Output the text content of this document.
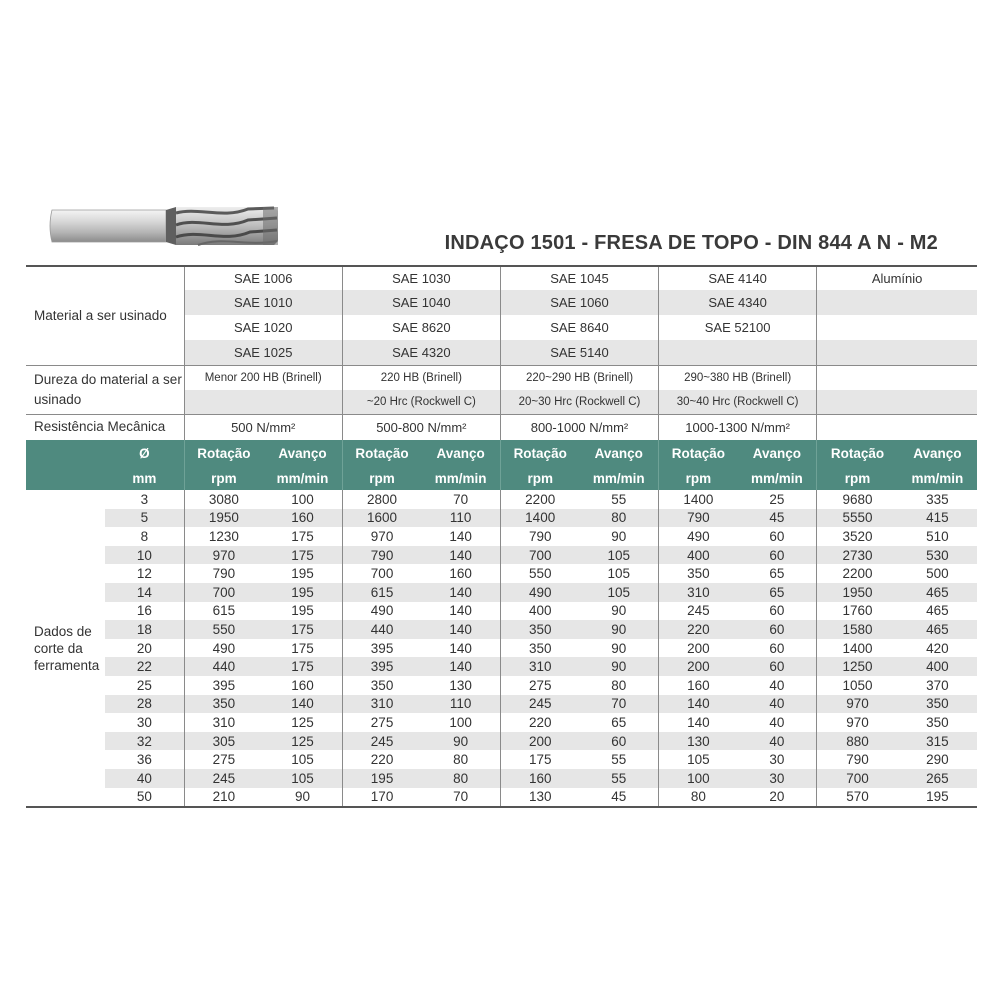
INDAÇO 1501 - FRESA DE TOPO - DIN 844 A N - M2
Material a ser usinado		SAE 1006		SAE 1030		SAE 1045		SAE 4140		Alumínio	
		SAE 1010		SAE 1040		SAE 1060		SAE 4340			
		SAE 1020		SAE 8620		SAE 8640		SAE 52100			
		SAE 1025		SAE 4320		SAE 5140					
Dureza do material a ser usinado		Menor 200 HB (Brinell)		220 HB (Brinell)		220~290 HB (Brinell)		290~380 HB (Brinell)			
				~20 Hrc (Rockwell C)		20~30 Hrc (Rockwell C)		30~40 Hrc (Rockwell C)			
Resistência Mecânica		500 N/mm²		500-800 N/mm²		800-1000 N/mm²		1000-1300 N/mm²			
	Ø	Rotação	Avanço	Rotação	Avanço	Rotação	Avanço	Rotação	Avanço	Rotação	Avanço
	mm	rpm	mm/min	rpm	mm/min	rpm	mm/min	rpm	mm/min	rpm	mm/min
Dados de corte da ferramenta	3	3080	100	2800	70	2200	55	1400	25	9680	335
	5	1950	160	1600	110	1400	80	790	45	5550	415
	8	1230	175	970	140	790	90	490	60	3520	510
	10	970	175	790	140	700	105	400	60	2730	530
	12	790	195	700	160	550	105	350	65	2200	500
	14	700	195	615	140	490	105	310	65	1950	465
	16	615	195	490	140	400	90	245	60	1760	465
	18	550	175	440	140	350	90	220	60	1580	465
	20	490	175	395	140	350	90	200	60	1400	420
	22	440	175	395	140	310	90	200	60	1250	400
	25	395	160	350	130	275	80	160	40	1050	370
	28	350	140	310	110	245	70	140	40	970	350
	30	310	125	275	100	220	65	140	40	970	350
	32	305	125	245	90	200	60	130	40	880	315
	36	275	105	220	80	175	55	105	30	790	290
	40	245	105	195	80	160	55	100	30	700	265
	50	210	90	170	70	130	45	80	20	570	195
